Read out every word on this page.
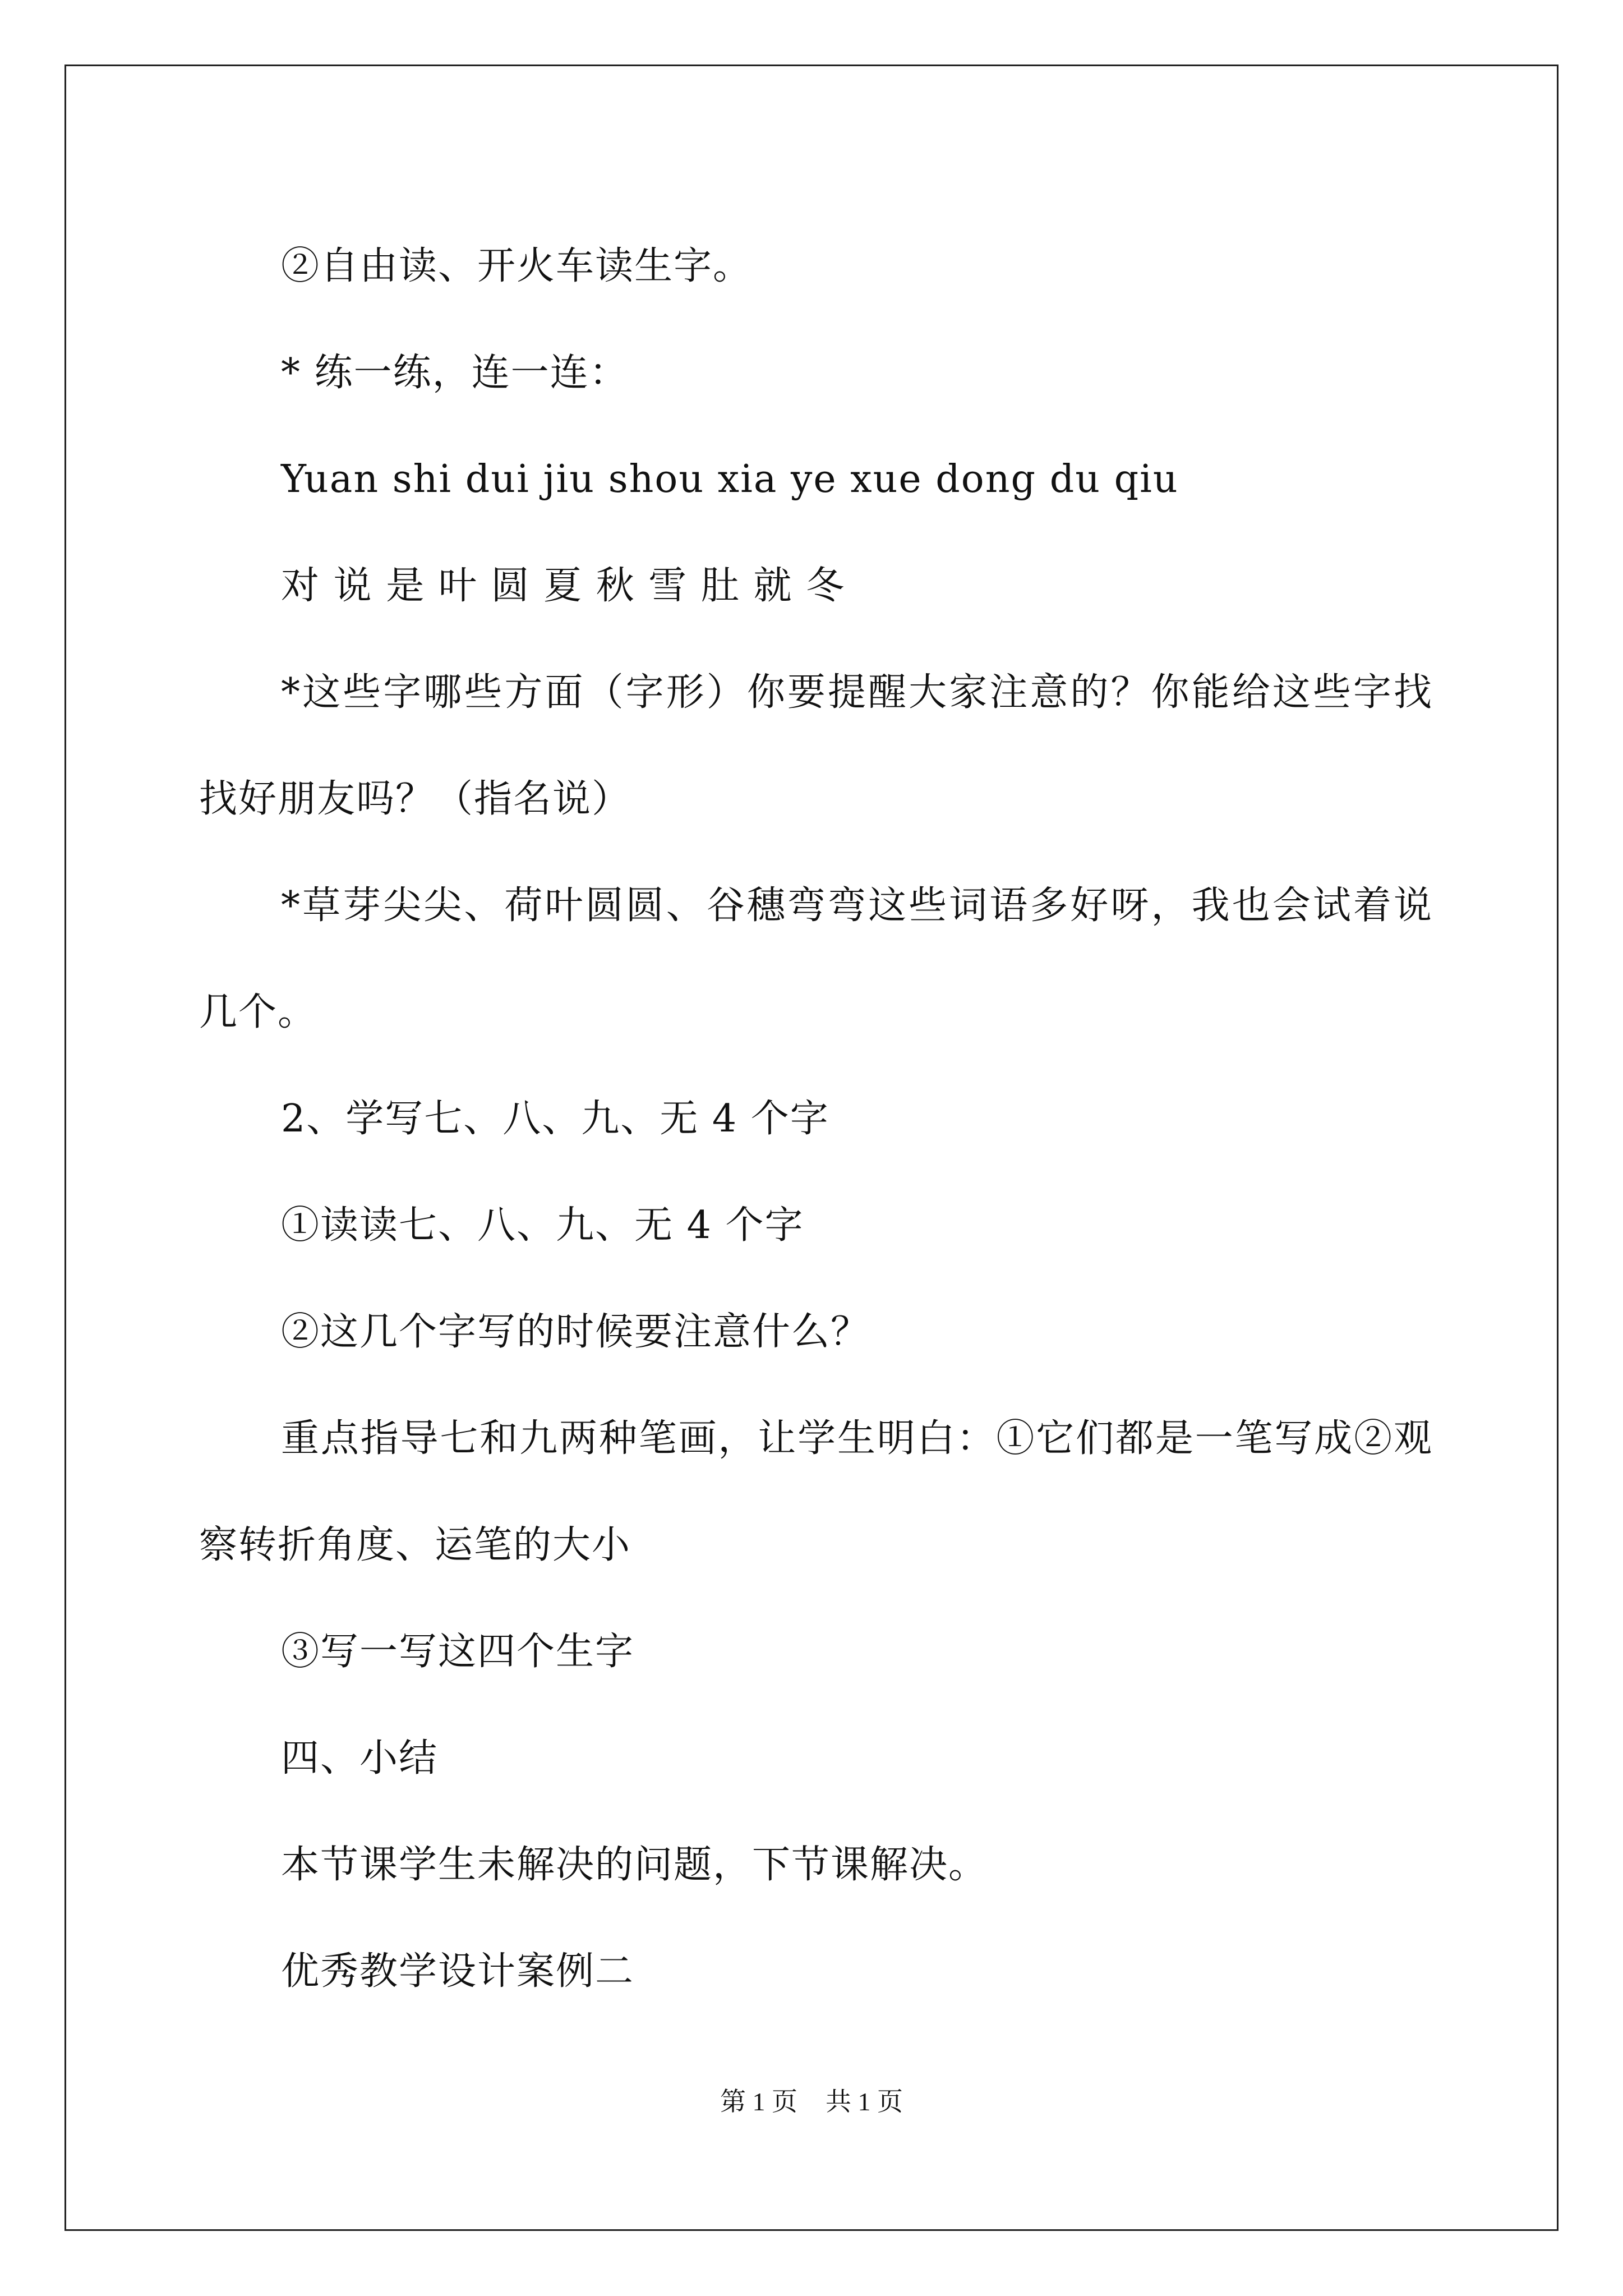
②自由读、开火车读生字。

* 练一练，连一连：

Yuan shi dui jiu shou xia ye xue dong du qiu

对 说 是 叶 圆 夏 秋 雪 肚 就 冬

*这些字哪些方面（字形）你要提醒大家注意的？你能给这些字找找好朋友吗？（指名说）

*草芽尖尖、荷叶圆圆、谷穗弯弯这些词语多好呀，我也会试着说几个。

2、学写七、八、九、无 4 个字

①读读七、八、九、无 4 个字

②这几个字写的时候要注意什么？

重点指导七和九两种笔画，让学生明白：①它们都是一笔写成②观察转折角度、运笔的大小

③写一写这四个生字

四、小结

本节课学生未解决的问题，下节课解决。

优秀教学设计案例二

第 1 页 共 1 页
